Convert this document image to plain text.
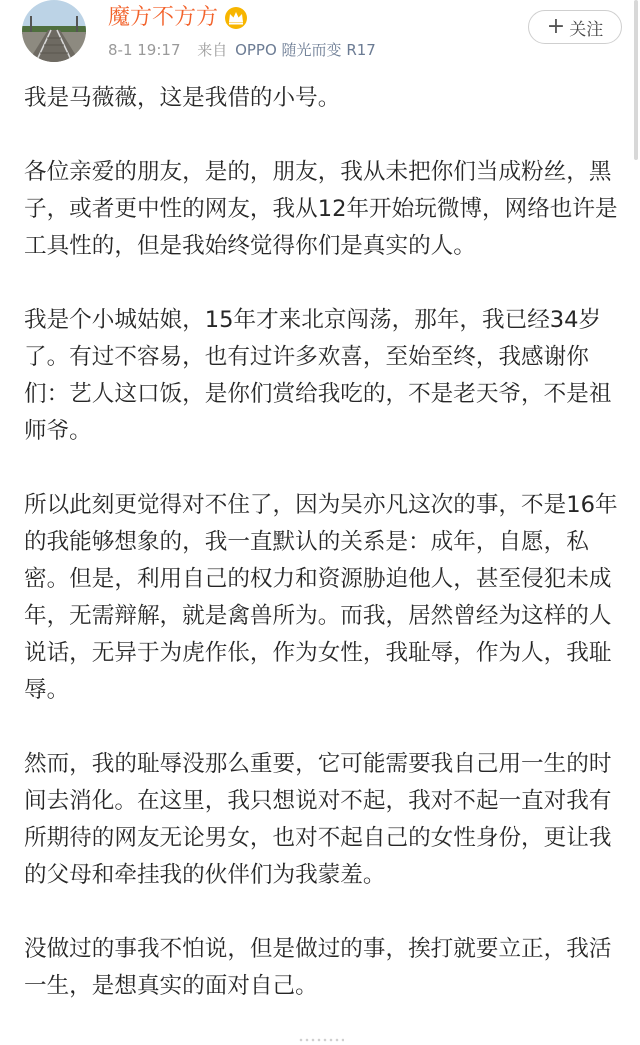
魔方不方方
8-1 19:17 来自 OPPO 随光而变 R17
+ 关注

我是马薇薇，这是我借的小号。

各位亲爱的朋友，是的，朋友，我从未把你们当成粉丝，黑子，或者更中性的网友，我从12年开始玩微博，网络也许是工具性的，但是我始终觉得你们是真实的人。

我是个小城姑娘，15年才来北京闯荡，那年，我已经34岁了。有过不容易，也有过许多欢喜，至始至终，我感谢你们：艺人这口饭，是你们赏给我吃的，不是老天爷，不是祖师爷。

所以此刻更觉得对不住了，因为吴亦凡这次的事，不是16年的我能够想象的，我一直默认的关系是：成年，自愿，私密。但是，利用自己的权力和资源胁迫他人，甚至侵犯未成年，无需辩解，就是禽兽所为。而我，居然曾经为这样的人说话，无异于为虎作伥，作为女性，我耻辱，作为人，我耻辱。

然而，我的耻辱没那么重要，它可能需要我自己用一生的时间去消化。在这里，我只想说对不起，我对不起一直对我有所期待的网友无论男女，也对不起自己的女性身份，更让我的父母和牵挂我的伙伴们为我蒙羞。

没做过的事我不怕说，但是做过的事，挨打就要立正，我活一生，是想真实的面对自己。
